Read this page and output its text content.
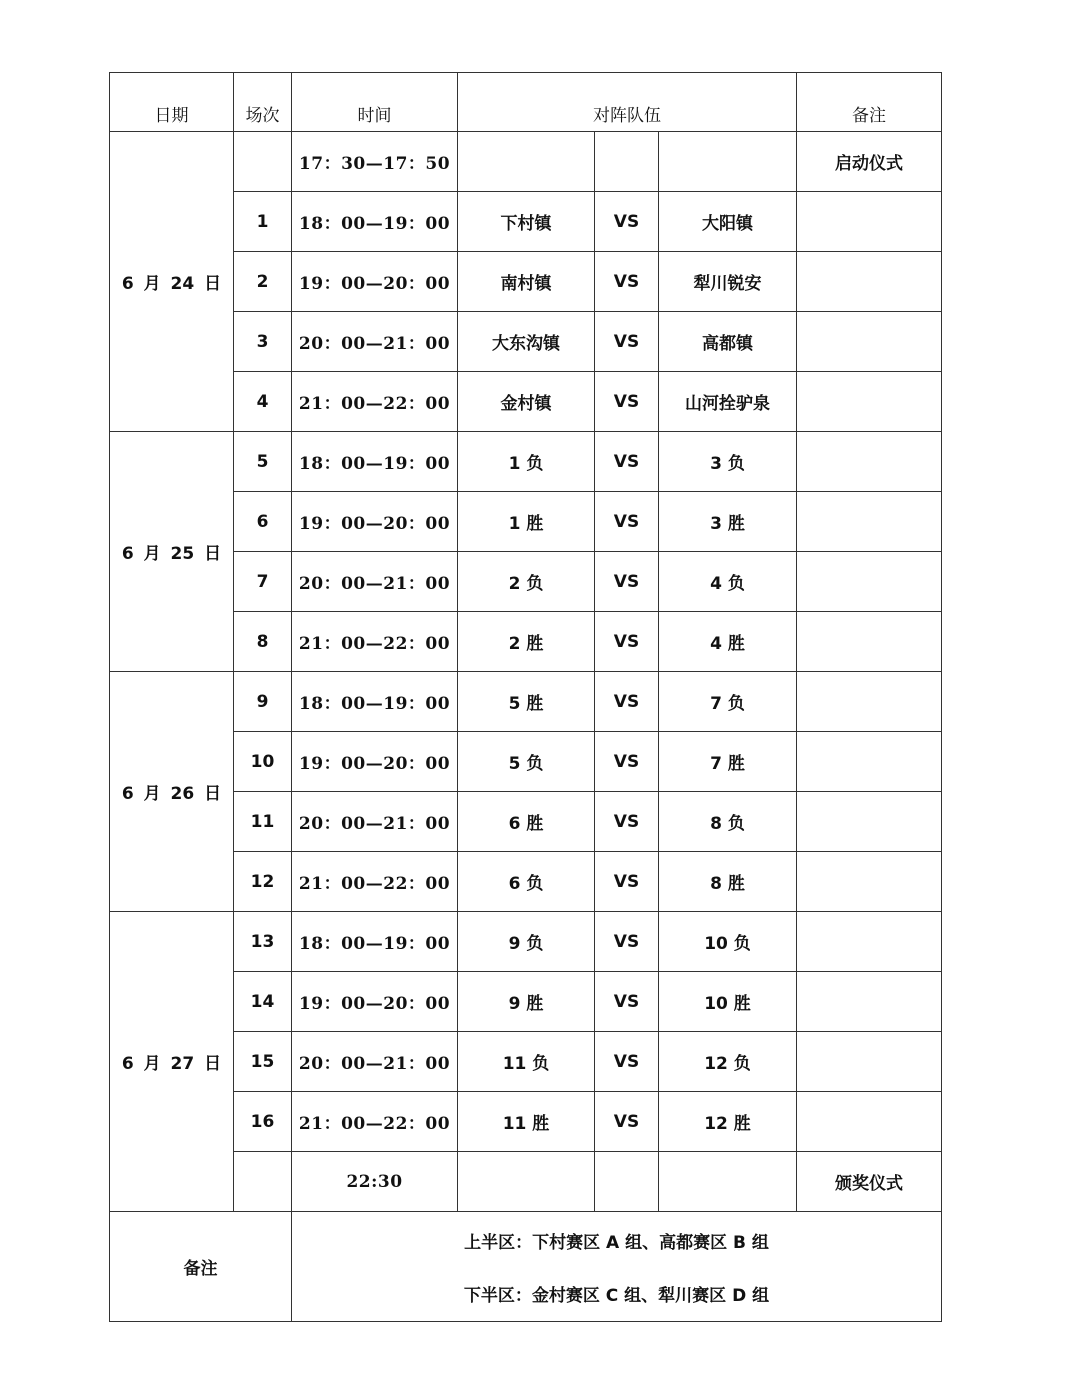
日期	场次	时间	对阵队伍			备注
6 月 24 日		17：30—17：50				启动仪式
	1	18：00—19：00	下村镇	VS	大阳镇	
	2	19：00—20：00	南村镇	VS	犁川锐安	
	3	20：00—21：00	大东沟镇	VS	高都镇	
	4	21：00—22：00	金村镇	VS	山河拴驴泉	
6 月 25 日	5	18：00—19：00	1 负	VS	3 负	
	6	19：00—20：00	1 胜	VS	3 胜	
	7	20：00—21：00	2 负	VS	4 负	
	8	21：00—22：00	2 胜	VS	4 胜	
6 月 26 日	9	18：00—19：00	5 胜	VS	7 负	
	10	19：00—20：00	5 负	VS	7 胜	
	11	20：00—21：00	6 胜	VS	8 负	
	12	21：00—22：00	6 负	VS	8 胜	
6 月 27 日	13	18：00—19：00	9 负	VS	10 负	
	14	19：00—20：00	9 胜	VS	10 胜	
	15	20：00—21：00	11 负	VS	12 负	
	16	21：00—22：00	11 胜	VS	12 胜	
		22:30				颁奖仪式
备注		上半区：下村赛区 A 组、高都赛区 B 组
下半区：金村赛区 C 组、犁川赛区 D 组				
